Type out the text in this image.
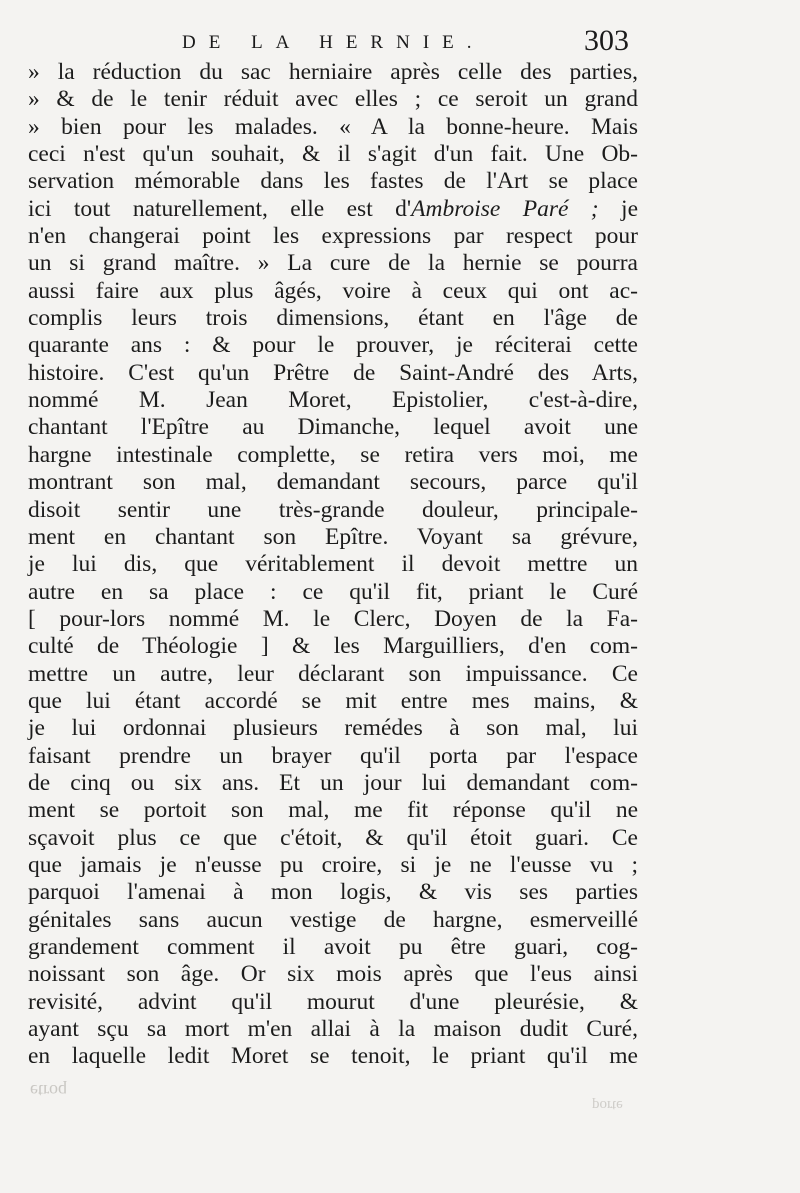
DE LA HERNIE.	303
» la réduction du sac herniaire après celle des parties,
» & de le tenir réduit avec elles ; ce seroit un grand
» bien pour les malades. « A la bonne-heure. Mais
ceci n'est qu'un souhait, & il s'agit d'un fait. Une Ob-
servation mémorable dans les fastes de l'Art se place
ici tout naturellement, elle est d'Ambroise Paré ; je
n'en changerai point les expressions par respect pour
un si grand maître. » La cure de la hernie se pourra
aussi faire aux plus âgés, voire à ceux qui ont ac-
complis leurs trois dimensions, étant en l'âge de
quarante ans : & pour le prouver, je réciterai cette
histoire. C'est qu'un Prêtre de Saint-André des Arts,
nommé M. Jean Moret, Epistolier, c'est-à-dire,
chantant l'Epître au Dimanche, lequel avoit une
hargne intestinale complette, se retira vers moi, me
montrant son mal, demandant secours, parce qu'il
disoit sentir une très-grande douleur, principale-
ment en chantant son Epître. Voyant sa grévure,
je lui dis, que véritablement il devoit mettre un
autre en sa place : ce qu'il fit, priant le Curé
[ pour-lors nommé M. le Clerc, Doyen de la Fa-
culté de Théologie ] & les Marguilliers, d'en com-
mettre un autre, leur déclarant son impuissance. Ce
que lui étant accordé se mit entre mes mains, &
je lui ordonnai plusieurs remédes à son mal, lui
faisant prendre un brayer qu'il porta par l'espace
de cinq ou six ans. Et un jour lui demandant com-
ment se portoit son mal, me fit réponse qu'il ne
sçavoit plus ce que c'étoit, & qu'il étoit guari. Ce
que jamais je n'eusse pu croire, si je ne l'eusse vu ;
parquoi l'amenai à mon logis, & vis ses parties
génitales sans aucun vestige de hargne, esmerveillé
grandement comment il avoit pu être guari, cog-
noissant son âge. Or six mois après que l'eus ainsi
revisité, advint qu'il mourut d'une pleurésie, &
ayant sçu sa mort m'en allai à la maison dudit Curé,
en laquelle ledit Moret se tenoit, le priant qu'il me
etroq
porte
